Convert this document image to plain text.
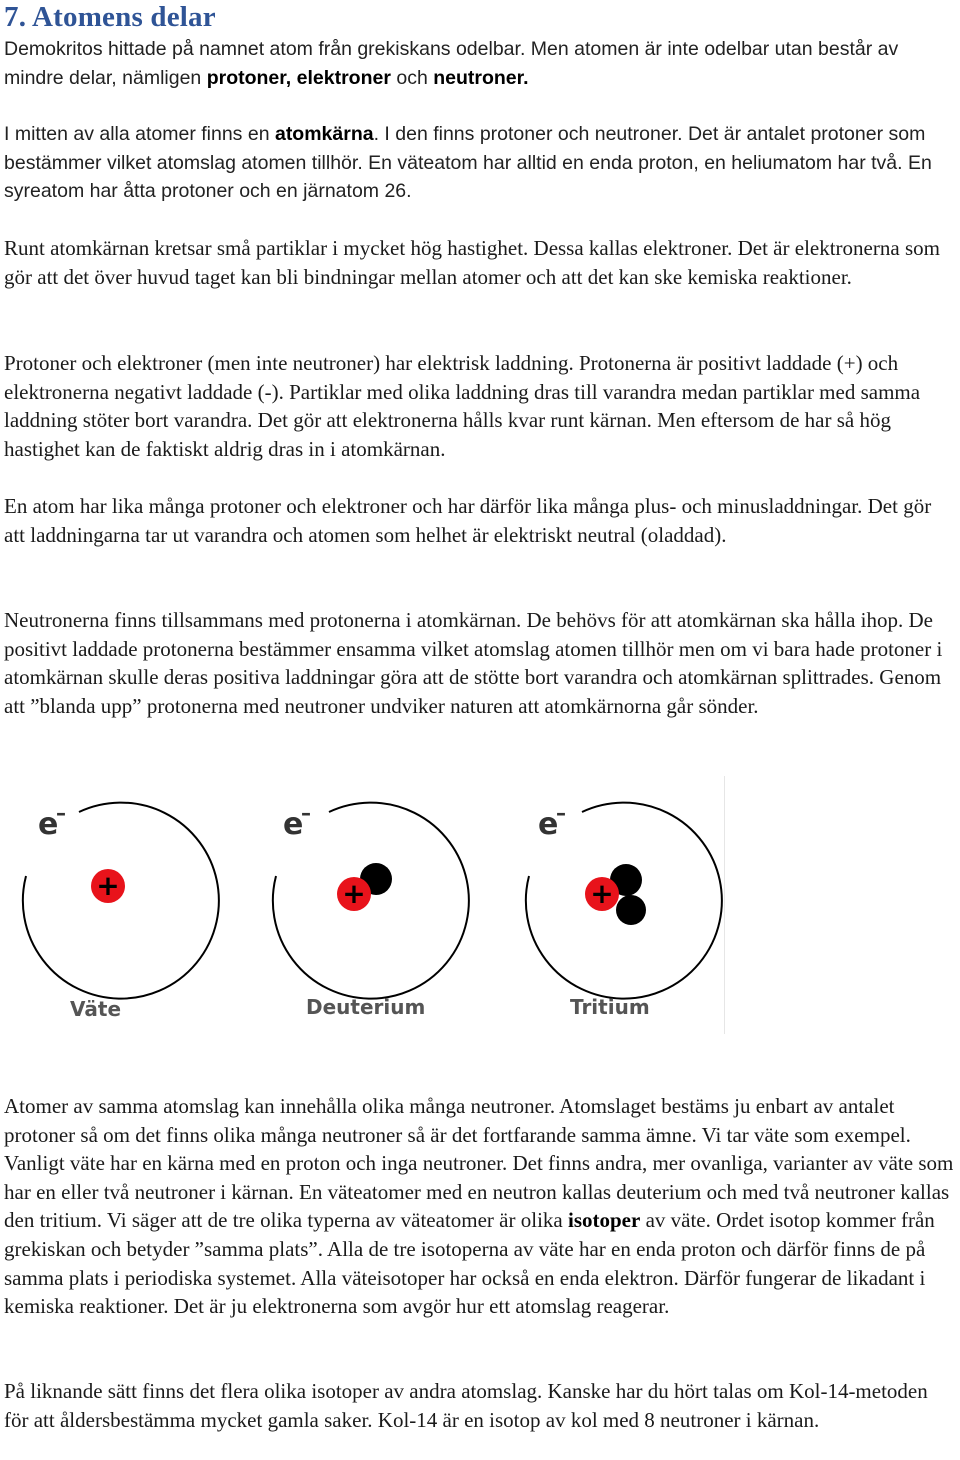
7. Atomens delar

Demokritos hittade på namnet atom från grekiskans odelbar. Men atomen är inte odelbar utan består av mindre delar, nämligen protoner, elektroner och neutroner.

I mitten av alla atomer finns en atomkärna. I den finns protoner och neutroner. Det är antalet protoner som bestämmer vilket atomslag atomen tillhör. En väteatom har alltid en enda proton, en heliumatom har två. En syreatom har åtta protoner och en järnatom 26.

Runt atomkärnan kretsar små partiklar i mycket hög hastighet. Dessa kallas elektroner. Det är elektronerna som gör att det över huvud taget kan bli bindningar mellan atomer och att det kan ske kemiska reaktioner.

Protoner och elektroner (men inte neutroner) har elektrisk laddning. Protonerna är positivt laddade (+) och elektronerna negativt laddade (-). Partiklar med olika laddning dras till varandra medan partiklar med samma laddning stöter bort varandra. Det gör att elektronerna hålls kvar runt kärnan. Men eftersom de har så hög hastighet kan de faktiskt aldrig dras in i atomkärnan.

En atom har lika många protoner och elektroner och har därför lika många plus- och minusladdningar. Det gör att laddningarna tar ut varandra och atomen som helhet är elektriskt neutral (oladdad).

Neutronerna finns tillsammans med protonerna i atomkärnan. De behövs för att atomkärnan ska hålla ihop. De positivt laddade protonerna bestämmer ensamma vilket atomslag atomen tillhör men om vi bara hade protoner i atomkärnan skulle deras positiva laddningar göra att de stötte bort varandra och atomkärnan splittrades. Genom att ”blanda upp” protonerna med neutroner undviker naturen att atomkärnorna går sönder.

e
–
+
Väte
e
–
+
Deuterium
e
–
+
Tritium

Atomer av samma atomslag kan innehålla olika många neutroner. Atomslaget bestäms ju enbart av antalet protoner så om det finns olika många neutroner så är det fortfarande samma ämne. Vi tar väte som exempel. Vanligt väte har en kärna med en proton och inga neutroner. Det finns andra, mer ovanliga, varianter av väte som har en eller två neutroner i kärnan. En väteatomer med en neutron kallas deuterium och med två neutroner kallas den tritium. Vi säger att de tre olika typerna av väteatomer är olika isotoper av väte. Ordet isotop kommer från grekiskan och betyder ”samma plats”. Alla de tre isotoperna av väte har en enda proton och därför finns de på samma plats i periodiska systemet. Alla väteisotoper har också en enda elektron. Därför fungerar de likadant i kemiska reaktioner. Det är ju elektronerna som avgör hur ett atomslag reagerar.

På liknande sätt finns det flera olika isotoper av andra atomslag. Kanske har du hört talas om Kol-14-metoden för att åldersbestämma mycket gamla saker. Kol-14 är en isotop av kol med 8 neutroner i kärnan.
